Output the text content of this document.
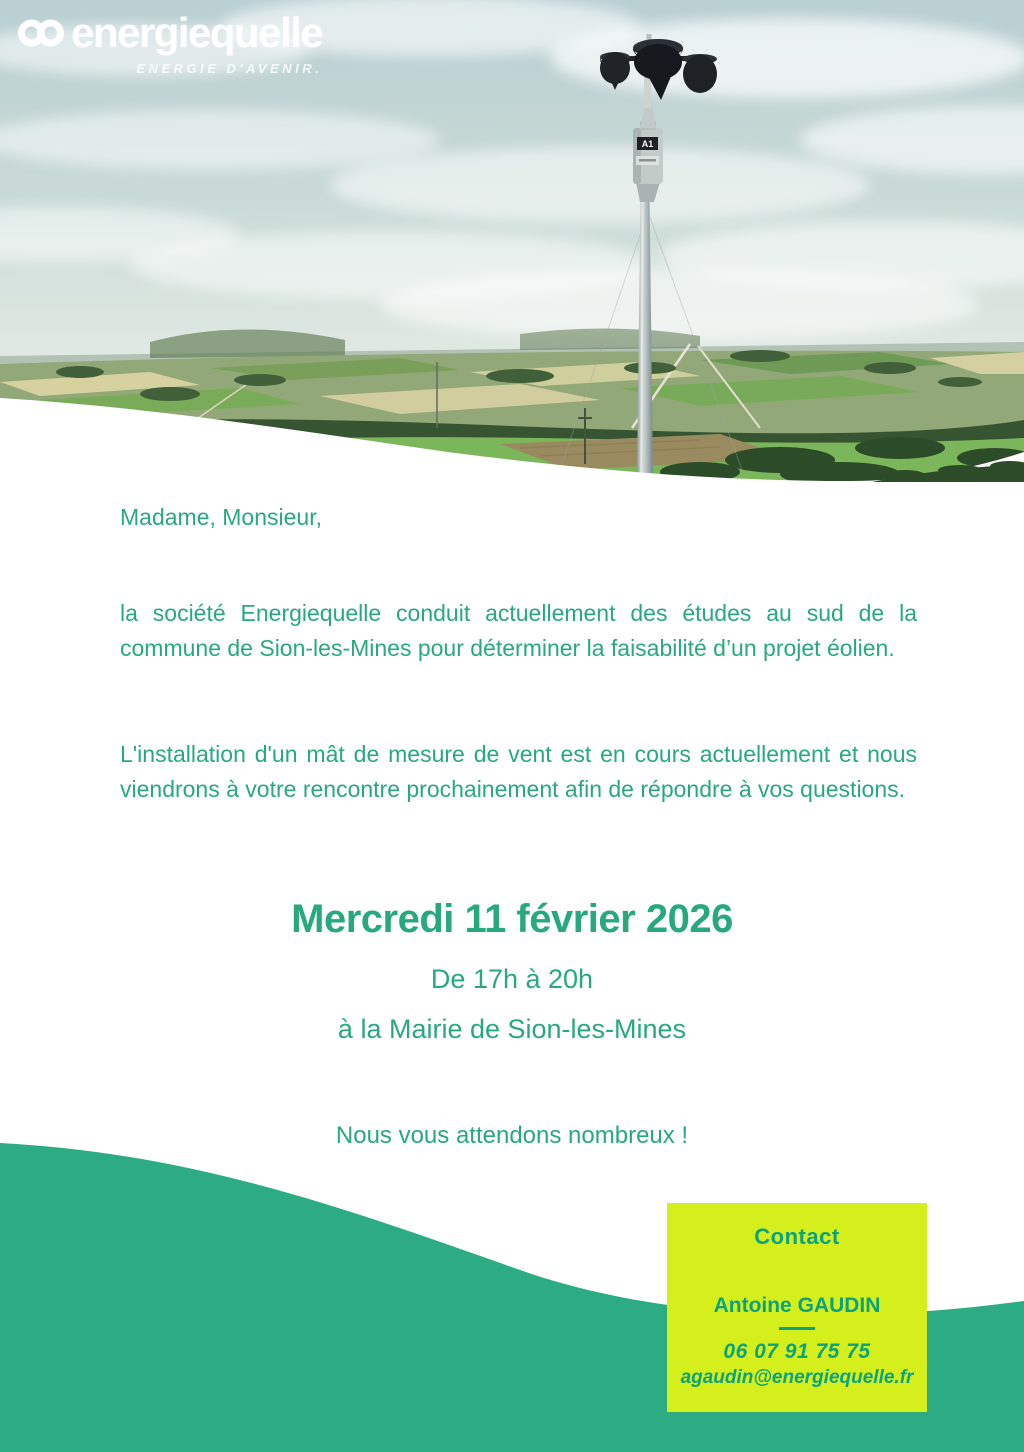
A1
energiequelle
ENERGIE D'AVENIR.
Madame, Monsieur,

la société Energiequelle conduit actuellement des études au sud de la commune de Sion-les-Mines pour déterminer la faisabilité d’un projet éolien.

L'installation d'un mât de mesure de vent est en cours actuellement et nous viendrons à votre rencontre prochainement afin de répondre à vos questions.

Mercredi 11 février 2026
De 17h à 20h
à la Mairie de Sion-les-Mines
Nous vous attendons nombreux !
Contact
Antoine GAUDIN
06 07 91 75 75
agaudin@energiequelle.fr
